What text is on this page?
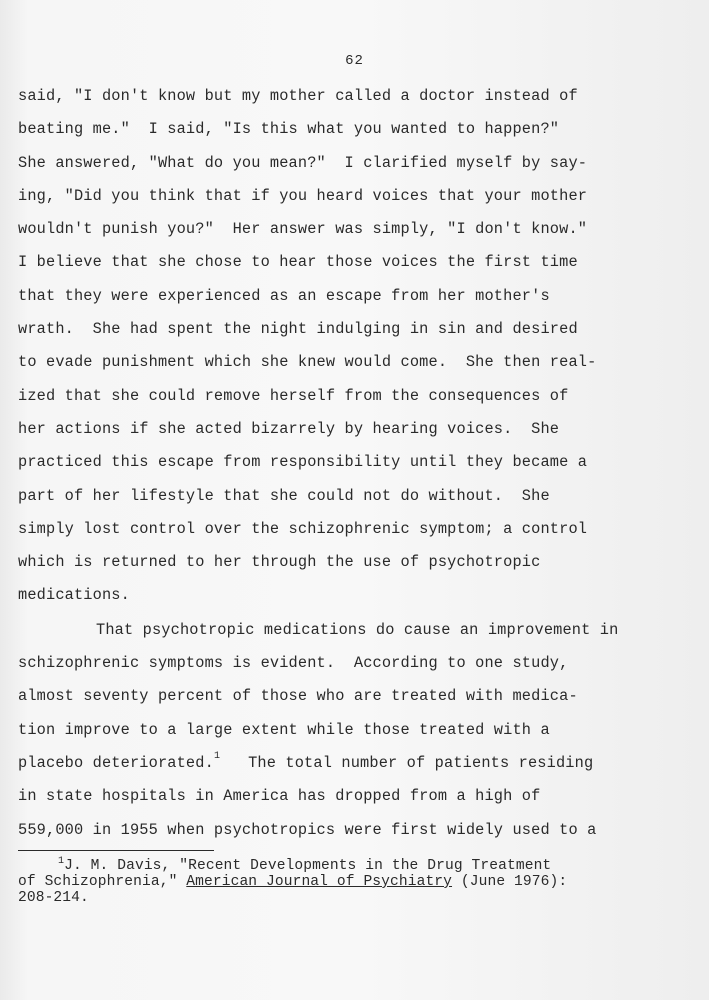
62
said, "I don't know but my mother called a doctor instead of
beating me."  I said, "Is this what you wanted to happen?"
She answered, "What do you mean?"  I clarified myself by say-
ing, "Did you think that if you heard voices that your mother
wouldn't punish you?"  Her answer was simply, "I don't know."
I believe that she chose to hear those voices the first time
that they were experienced as an escape from her mother's
wrath.  She had spent the night indulging in sin and desired
to evade punishment which she knew would come.  She then real-
ized that she could remove herself from the consequences of
her actions if she acted bizarrely by hearing voices.  She
practiced this escape from responsibility until they became a
part of her lifestyle that she could not do without.  She
simply lost control over the schizophrenic symptom; a control
which is returned to her through the use of psychotropic
medications.
That psychotropic medications do cause an improvement in
schizophrenic symptoms is evident.  According to one study,
almost seventy percent of those who are treated with medica-
tion improve to a large extent while those treated with a
placebo deteriorated.$^1$   The total number of patients residing
in state hospitals in America has dropped from a high of
559,000 in 1955 when psychotropics were first widely used to a
$^1$J. M. Davis, "Recent Developments in the Drug Treatment
of Schizophrenia," American Journal of Psychiatry (June 1976):
208-214.
